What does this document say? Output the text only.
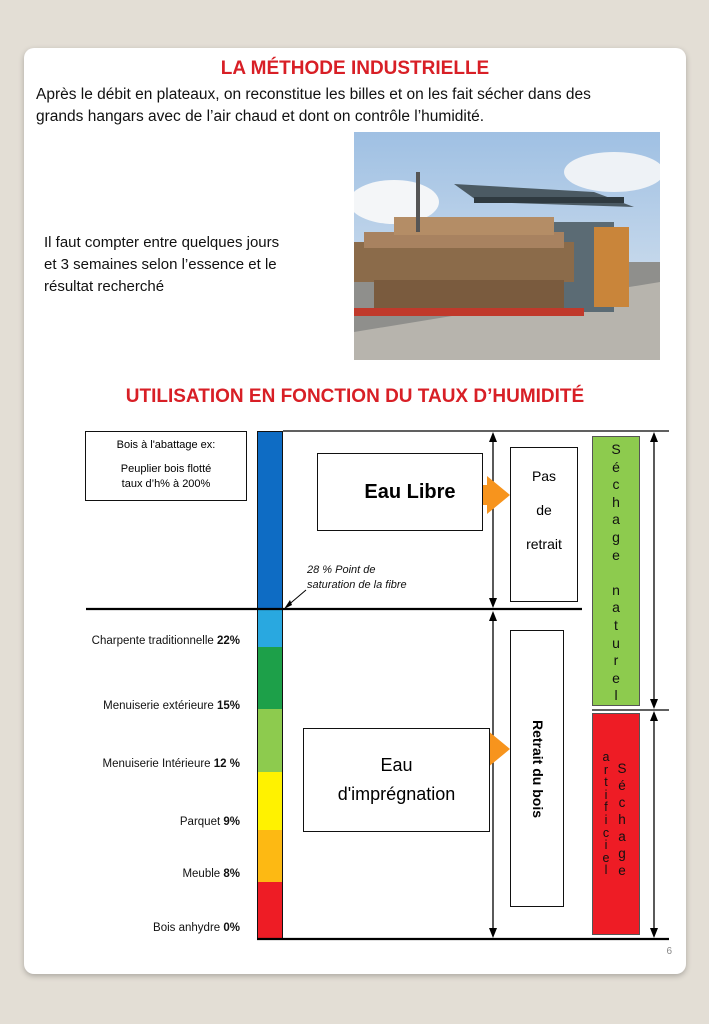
LA MÉTHODE INDUSTRIELLE
Après le débit en plateaux, on reconstitue les billes et on les fait sécher dans des
grands hangars avec de l’air chaud et dont on contrôle l’humidité.
Il faut compter entre quelques jours
et 3 semaines selon l’essence et le
résultat recherché
UTILISATION EN FONCTION DU TAUX D’HUMIDITÉ
Bois à l'abattage ex:
Peuplier bois flotté
taux d’h% à 200%
Charpente traditionnelle 22%
Menuiserie extérieure 15%
Menuiserie Intérieure 12 %
Parquet 9%
Meuble 8%
Bois anhydre 0%
28 % Point de
saturation de la fibre
Eau Libre
Pas
de
retrait
Eau
d'imprégnation	Retrait du bois
S
é
c
h
a
g
e

n
a
t
u
r
e
l
S
é
c
h
a
g
e
a
r
t
i
f
i
c
i
e
l
6
